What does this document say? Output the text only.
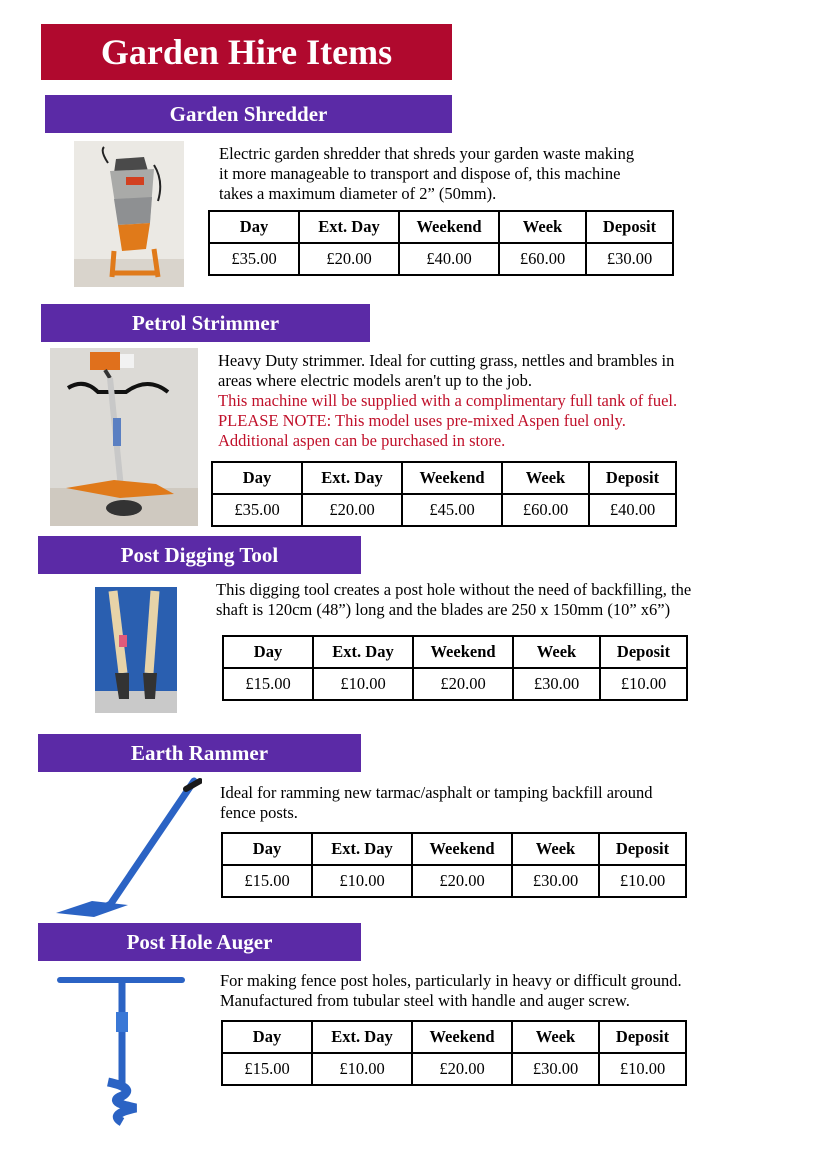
Garden Hire Items
Garden Shredder
Electric garden shredder that shreds your garden waste making
it more manageable to transport and dispose of, this machine
takes a maximum diameter of 2” (50mm).
Day	Ext. Day	Weekend	Week	Deposit
£35.00	£20.00	£40.00	£60.00	£30.00
Petrol Strimmer
Heavy Duty strimmer. Ideal for cutting grass, nettles and brambles in
areas where electric models aren't up to the job.
This machine will be supplied with a complimentary full tank of fuel.
PLEASE NOTE: This model uses pre-mixed Aspen fuel only.
Additional aspen can be purchased in store.
Day	Ext. Day	Weekend	Week	Deposit
£35.00	£20.00	£45.00	£60.00	£40.00
Post Digging Tool
This digging tool creates a post hole without the need of backfilling, the
shaft is 120cm (48”) long and the blades are 250 x 150mm (10” x6”)
Day	Ext. Day	Weekend	Week	Deposit
£15.00	£10.00	£20.00	£30.00	£10.00
Earth Rammer
Ideal for ramming new tarmac/asphalt or tamping backfill around
fence posts.
Day	Ext. Day	Weekend	Week	Deposit
£15.00	£10.00	£20.00	£30.00	£10.00
Post Hole Auger
For making fence post holes, particularly in heavy or difficult ground.
Manufactured from tubular steel with handle and auger screw.
Day	Ext. Day	Weekend	Week	Deposit
£15.00	£10.00	£20.00	£30.00	£10.00
